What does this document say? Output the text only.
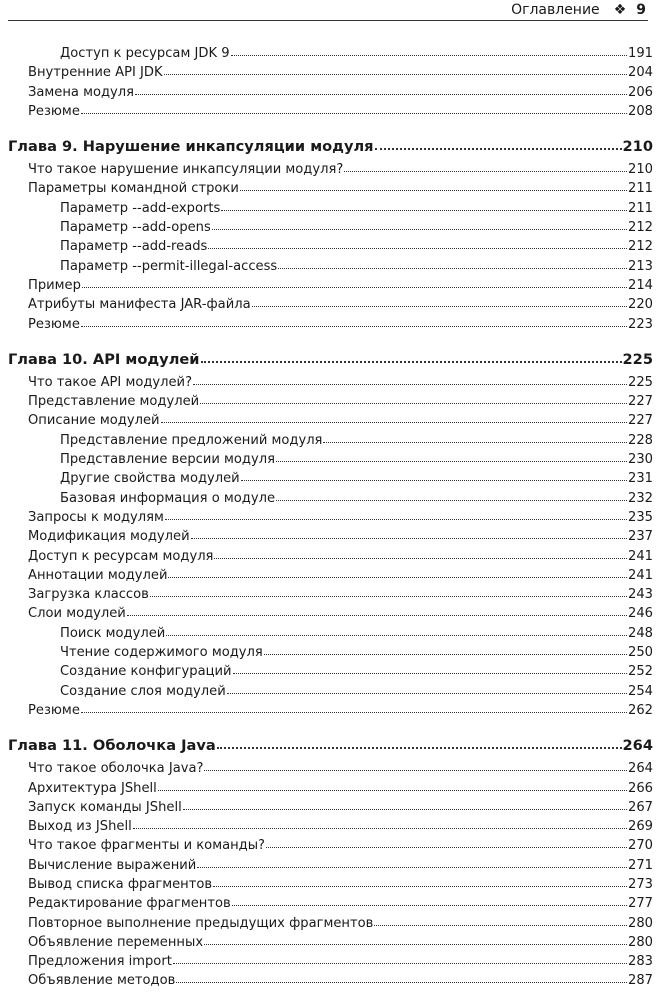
Оглавление ❖ 9
Доступ к ресурсам JDK 9	191
Внутренние API JDK	204
Замена модуля	206
Резюме	208
Глава 9. Нарушение инкапсуляции модуля	210
Что такое нарушение инкапсуляции модуля?	210
Параметры командной строки	211
Параметр --add-exports	211
Параметр --add-opens	212
Параметр --add-reads	212
Параметр --permit-illegal-access	213
Пример	214
Атрибуты манифеста JAR-файла	220
Резюме	223
Глава 10. API модулей	225
Что такое API модулей?	225
Представление модулей	227
Описание модулей	227
Представление предложений модуля	228
Представление версии модуля	230
Другие свойства модулей	231
Базовая информация о модуле	232
Запросы к модулям	235
Модификация модулей	237
Доступ к ресурсам модуля	241
Аннотации модулей	241
Загрузка классов	243
Слои модулей	246
Поиск модулей	248
Чтение содержимого модуля	250
Создание конфигураций	252
Создание слоя модулей	254
Резюме	262
Глава 11. Оболочка Java	264
Что такое оболочка Java?	264
Архитектура JShell	266
Запуск команды JShell	267
Выход из JShell	269
Что такое фрагменты и команды?	270
Вычисление выражений	271
Вывод списка фрагментов	273
Редактирование фрагментов	277
Повторное выполнение предыдущих фрагментов	280
Объявление переменных	280
Предложения import	283
Объявление методов	287
